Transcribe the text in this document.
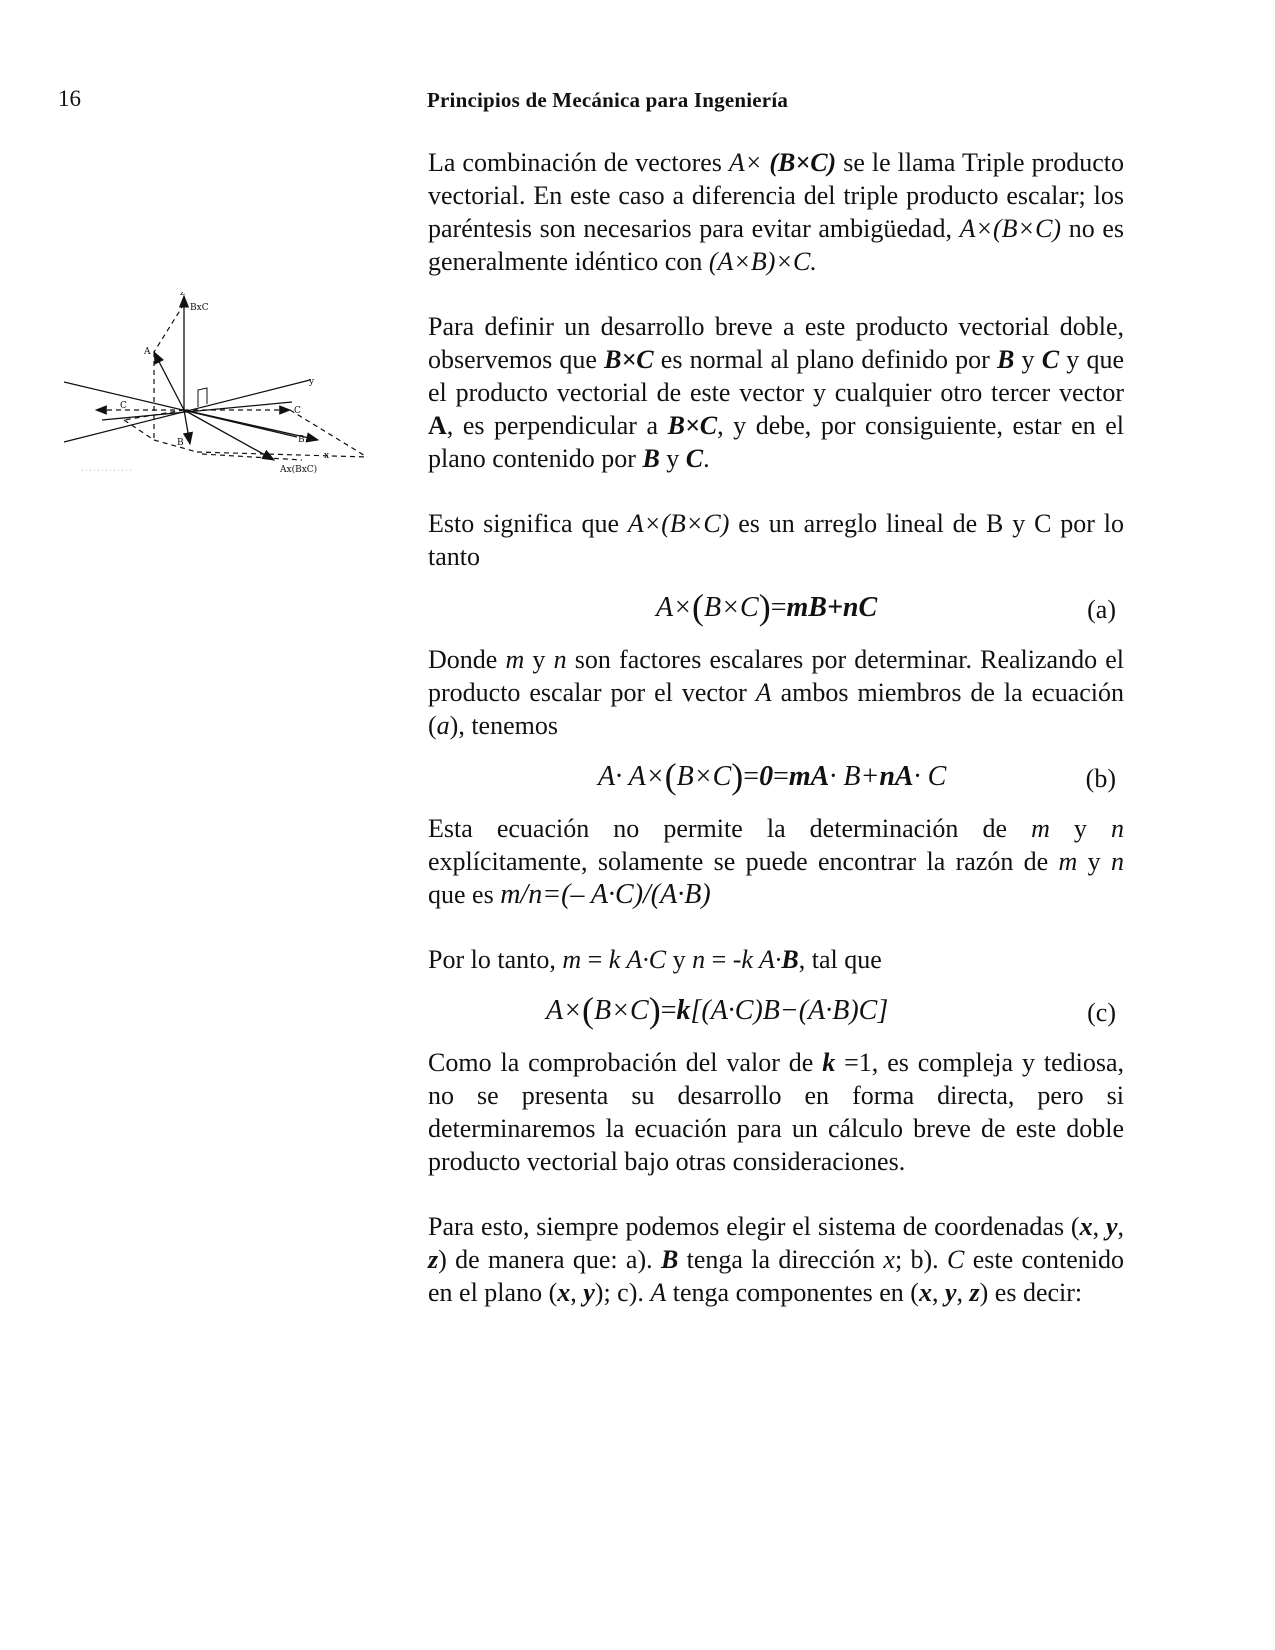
16	Principios de Mecánica para Ingeniería
z
BxC
A
y
C
C
B	B
x
Ax(BxC)

La combinación de vectores A× (B×C) se le llama Triple producto vectorial. En este caso a diferencia del triple producto escalar; los paréntesis son necesarios para evitar ambigüedad, A×(B×C) no es generalmente idéntico con (A×B)×C.

Para definir un desarrollo breve a este producto vectorial doble, observemos que B×C es normal al plano definido por B y C y que el producto vectorial de este vector y cualquier otro tercer vector A, es perpendicular a B×C, y debe, por consiguiente, estar en el plano contenido por B y C.

Esto significa que A×(B×C) es un arreglo lineal de B y C por lo tanto

A×(B×C)=mB+nC	(a)

Donde m y n son factores escalares por determinar. Realizando el producto escalar por el vector A ambos miembros de la ecuación (a), tenemos

A· A×(B×C)=0=mA· B+nA· C	(b)

Esta ecuación no permite la determinación de m y n explícitamente, solamente se puede encontrar la razón de m y n que es m/n=(– A·C)/(A·B)

Por lo tanto, m = k A·C y n = -k A·B, tal que

A×(B×C)=k[(A·C)B−(A·B)C]	(c)

Como la comprobación del valor de k =1, es compleja y tediosa, no se presenta su desarrollo en forma directa, pero si determinaremos la ecuación para un cálculo breve de este doble producto vectorial bajo otras consideraciones.

Para esto, siempre podemos elegir el sistema de coordenadas (x, y, z) de manera que: a). B tenga la dirección x; b). C este contenido en el plano (x, y); c). A tenga componentes en (x, y, z) es decir:
